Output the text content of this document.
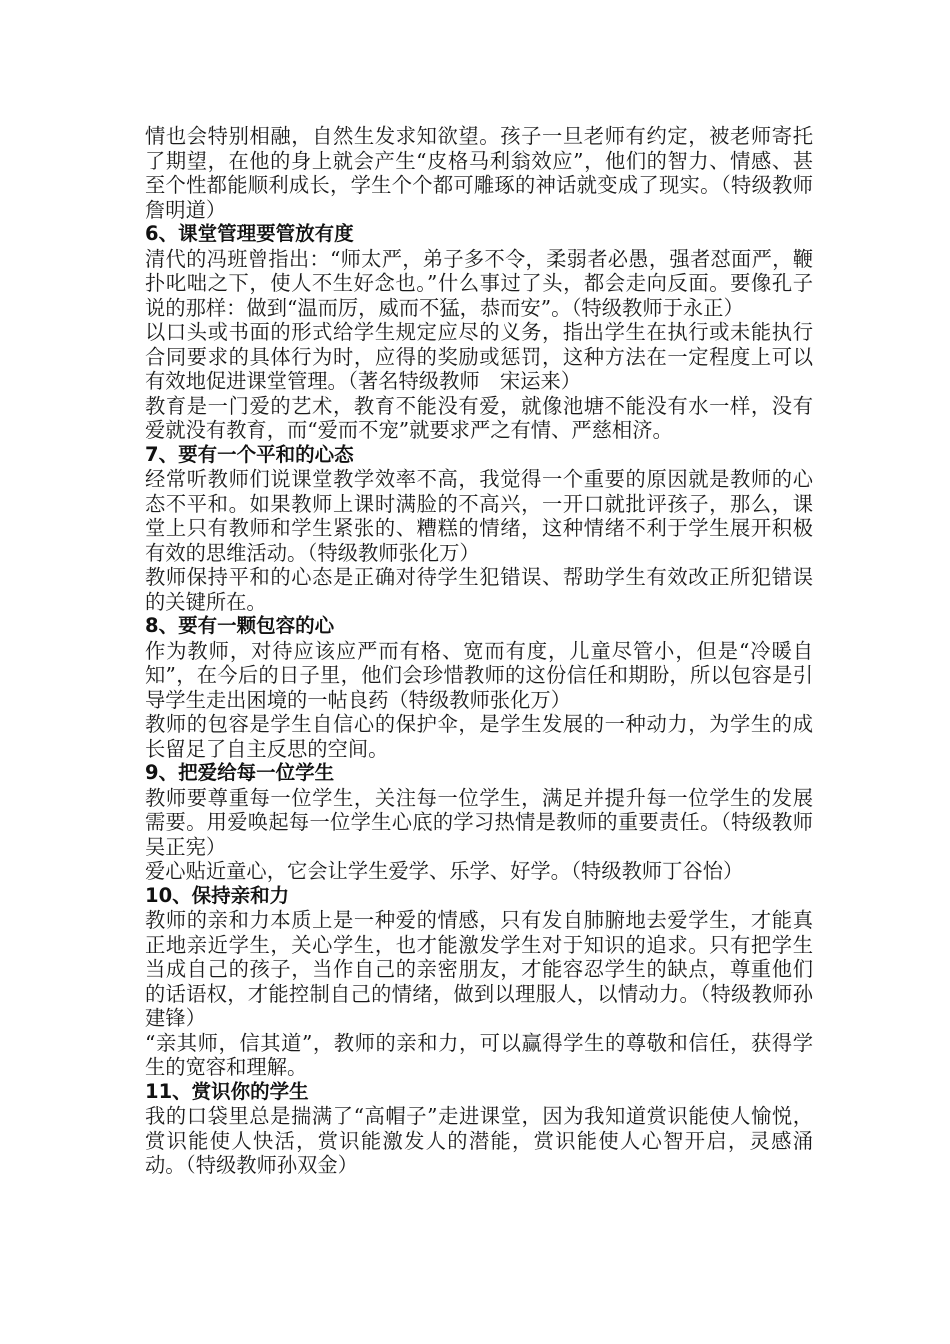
情也会特别相融，自然生发求知欲望。孩子一旦老师有约定，被老师寄托了期望，在他的身上就会产生“皮格马利翁效应”，他们的智力、情感、甚至个性都能顺利成长，学生个个都可雕琢的神话就变成了现实。（特级教师　詹明道）

6、课堂管理要管放有度

清代的冯班曾指出：“师太严，弟子多不令，柔弱者必愚，强者怼面严，鞭扑叱咄之下，使人不生好念也。”什么事过了头，都会走向反面。要像孔子说的那样：做到“温而厉，威而不猛，恭而安”。（特级教师于永正）

以口头或书面的形式给学生规定应尽的义务，指出学生在执行或未能执行合同要求的具体行为时，应得的奖励或惩罚，这种方法在一定程度上可以有效地促进课堂管理。（著名特级教师　宋运来）

教育是一门爱的艺术，教育不能没有爱，就像池塘不能没有水一样，没有爱就没有教育，而“爱而不宠”就要求严之有情、严慈相济。

7、要有一个平和的心态

经常听教师们说课堂教学效率不高，我觉得一个重要的原因就是教师的心态不平和。如果教师上课时满脸的不高兴，一开口就批评孩子，那么，课堂上只有教师和学生紧张的、糟糕的情绪，这种情绪不利于学生展开积极有效的思维活动。（特级教师张化万）

教师保持平和的心态是正确对待学生犯错误、帮助学生有效改正所犯错误的关键所在。

8、要有一颗包容的心

作为教师，对待应该应严而有格、宽而有度，儿童尽管小，但是“冷暖自知”，在今后的日子里，他们会珍惜教师的这份信任和期盼，所以包容是引导学生走出困境的一帖良药（特级教师张化万）

教师的包容是学生自信心的保护伞，是学生发展的一种动力，为学生的成长留足了自主反思的空间。

9、把爱给每一位学生

教师要尊重每一位学生，关注每一位学生，满足并提升每一位学生的发展需要。用爱唤起每一位学生心底的学习热情是教师的重要责任。（特级教师吴正宪）

爱心贴近童心，它会让学生爱学、乐学、好学。（特级教师丁谷怡）

10、保持亲和力

教师的亲和力本质上是一种爱的情感，只有发自肺腑地去爱学生，才能真正地亲近学生，关心学生，也才能激发学生对于知识的追求。只有把学生当成自己的孩子，当作自己的亲密朋友，才能容忍学生的缺点，尊重他们的话语权，才能控制自己的情绪，做到以理服人，以情动力。（特级教师孙建锋）

“亲其师，信其道”，教师的亲和力，可以赢得学生的尊敬和信任，获得学生的宽容和理解。

11、赏识你的学生

我的口袋里总是揣满了“高帽子”走进课堂，因为我知道赏识能使人愉悦，赏识能使人快活，赏识能激发人的潜能，赏识能使人心智开启，灵感涌动。（特级教师孙双金）
